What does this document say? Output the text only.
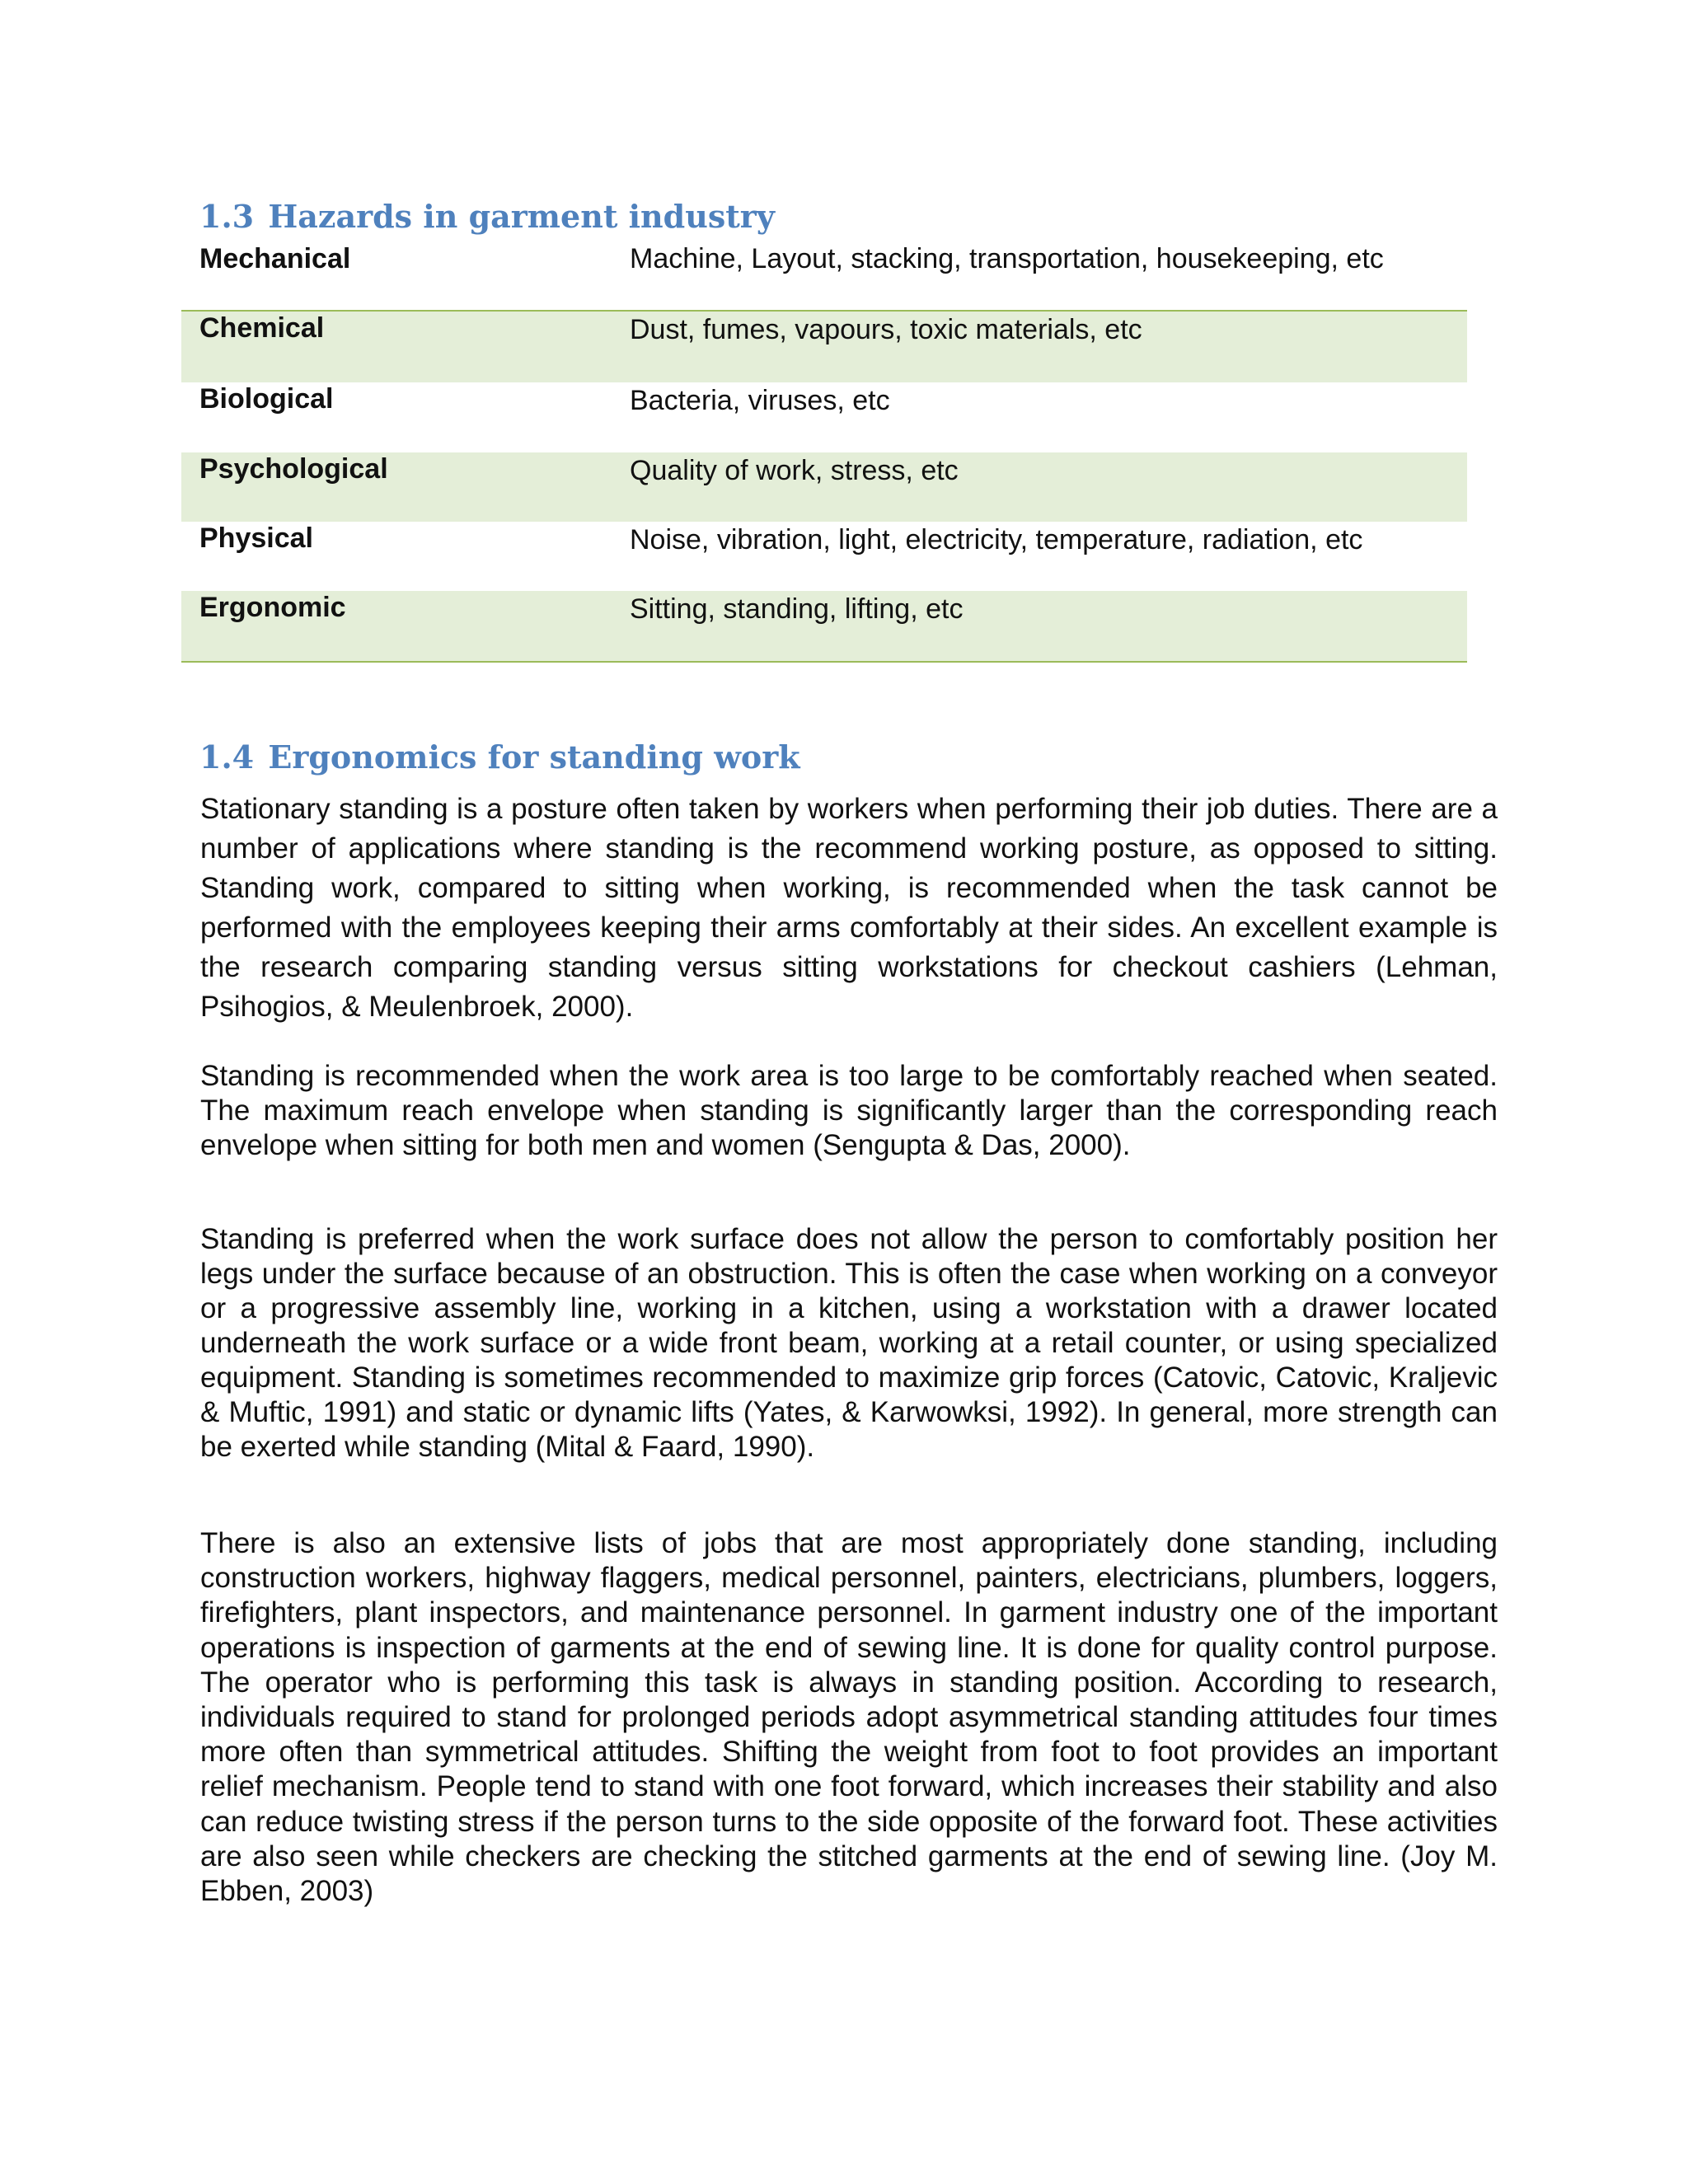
1.3 Hazards in garment industry
Mechanical	Machine, Layout, stacking, transportation, housekeeping, etc
Chemical	Dust, fumes, vapours, toxic materials, etc
Biological	Bacteria, viruses, etc
Psychological	Quality of work, stress, etc
Physical	Noise, vibration, light, electricity, temperature, radiation, etc
Ergonomic	Sitting, standing, lifting, etc
1.4 Ergonomics for standing work

Stationary standing is a posture often taken by workers when performing their job duties. There are a number of applications where standing is the recommend working posture, as opposed to sitting. Standing work, compared to sitting when working, is recommended when the task cannot be performed with the employees keeping their arms comfortably at their sides. An excellent example is the research comparing standing versus sitting workstations for checkout cashiers (Lehman, Psihogios, & Meulenbroek, 2000).

Standing is recommended when the work area is too large to be comfortably reached when seated. The maximum reach envelope when standing is significantly larger than the corresponding reach envelope when sitting for both men and women (Sengupta & Das, 2000).

Standing is preferred when the work surface does not allow the person to comfortably position her legs under the surface because of an obstruction. This is often the case when working on a conveyor or a progressive assembly line, working in a kitchen, using a workstation with a drawer located underneath the work surface or a wide front beam, working at a retail counter, or using specialized equipment. Standing is sometimes recommended to maximize grip forces (Catovic, Catovic, Kraljevic & Muftic, 1991) and static or dynamic lifts (Yates, & Karwowksi, 1992). In general, more strength can be exerted while standing (Mital & Faard, 1990).

There is also an extensive lists of jobs that are most appropriately done standing, including construction workers, highway flaggers, medical personnel, painters, electricians, plumbers, loggers, firefighters, plant inspectors, and maintenance personnel. In garment industry one of the important operations is inspection of garments at the end of sewing line. It is done for quality control purpose. The operator who is performing this task is always in standing position. According to research, individuals required to stand for prolonged periods adopt asymmetrical standing attitudes four times more often than symmetrical attitudes. Shifting the weight from foot to foot provides an important relief mechanism. People tend to stand with one foot forward, which increases their stability and also can reduce twisting stress if the person turns to the side opposite of the forward foot. These activities are also seen while checkers are checking the stitched garments at the end of sewing line. (Joy M. Ebben, 2003)
